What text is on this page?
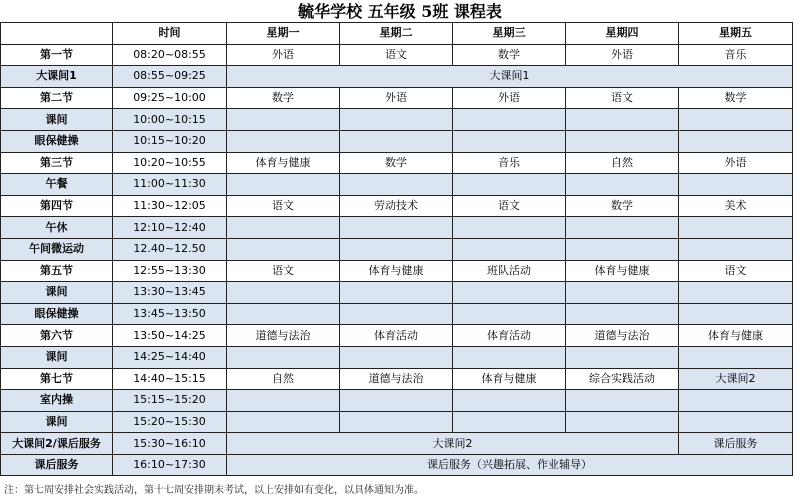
毓华学校 五年级 5班 课程表
	时间	星期一	星期二	星期三	星期四	星期五
第一节	08:20~08:55	外语	语文	数学	外语	音乐
大课间1	08:55~09:25	大课间1				
第二节	09:25~10:00	数学	外语	外语	语文	数学
课间	10:00~10:15					
眼保健操	10:15~10:20					
第三节	10:20~10:55	体育与健康	数学	音乐	自然	外语
午餐	11:00~11:30					
第四节	11:30~12:05	语文	劳动技术	语文	数学	美术
午休	12:10~12:40					
午间微运动	12.40~12.50					
第五节	12:55~13:30	语文	体育与健康	班队活动	体育与健康	语文
课间	13:30~13:45					
眼保健操	13:45~13:50					
第六节	13:50~14:25	道德与法治	体育活动	体育活动	道德与法治	体育与健康
课间	14:25~14:40					
第七节	14:40~15:15	自然	道德与法治	体育与健康	综合实践活动	大课间2
室内操	15:15~15:20					
课间	15:20~15:30					
大课间2/课后服务	15:30~16:10	大课间2				课后服务
课后服务	16:10~17:30	课后服务（兴趣拓展、作业辅导）				
注：第七周安排社会实践活动，第十七周安排期末考试，以上安排如有变化，以具体通知为准。
